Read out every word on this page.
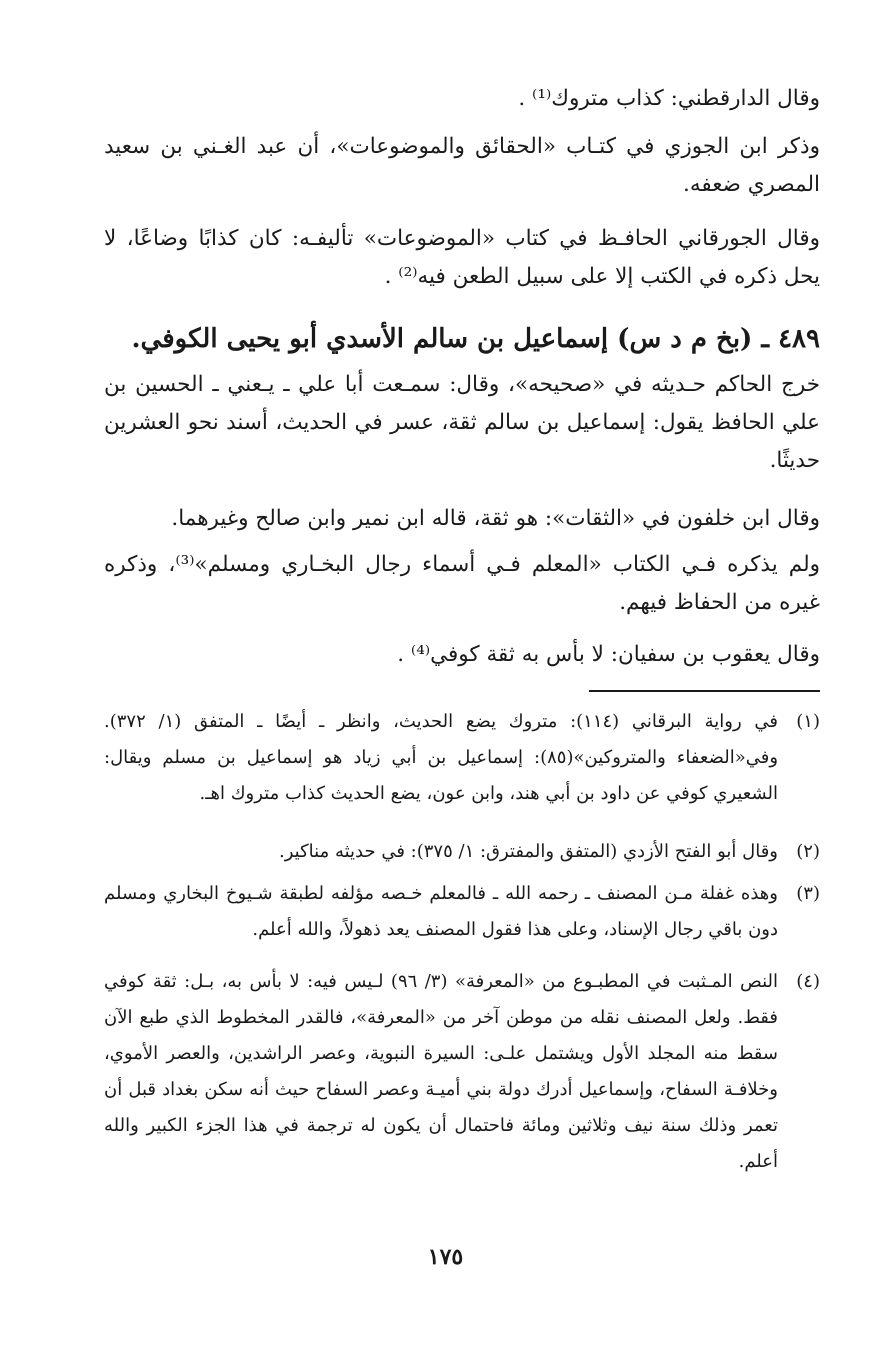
وقال الدارقطني: كذاب متروك⁽¹⁾ .

وذكر ابن الجوزي في كتـاب «الحقائق والموضوعات»، أن عبد الغـني بن سعيد المصري ضعفه.

وقال الجورقاني الحافـظ في كتاب «الموضوعات» تأليفـه: كان كذابًا وضاعًا، لا يحل ذكره في الكتب إلا على سبيل الطعن فيه⁽²⁾ .

٤٨٩ ـ (بخ م د س) إسماعيل بن سالم الأسدي أبو يحيى الكوفي.

خرج الحاكم حـديثه في «صحيحه»، وقال: سمـعت أبا علي ـ يـعني ـ الحسين بن علي الحافظ يقول: إسماعيل بن سالم ثقة، عسر في الحديث، أسند نحو العشرين حديثًا.

وقال ابن خلفون في «الثقات»: هو ثقة، قاله ابن نمير وابن صالح وغيرهما.

ولم يذكره فـي الكتاب «المعلم فـي أسماء رجال البخـاري ومسلم»⁽³⁾، وذكره غيره من الحفاظ فيهم.

وقال يعقوب بن سفيان: لا بأس به ثقة كوفي⁽⁴⁾ .

(١)
في رواية البرقاني (١١٤): متروك يضع الحديث، وانظر ـ أيضًا ـ المتفق (١/ ٣٧٢). وفي«الضعفاء والمتروكين»(٨٥): إسماعيل بن أبي زياد هو إسماعيل بن مسلم ويقال: الشعيري كوفي عن داود بن أبي هند، وابن عون، يضع الحديث كذاب متروك اهـ.
(٢)
وقال أبو الفتح الأزدي (المتفق والمفترق: ١/ ٣٧٥): في حديثه مناكير.
(٣)
وهذه غفلة مـن المصنف ـ رحمه الله ـ فالمعلم خـصه مؤلفه لطبقة شـيوخ البخاري ومسلم دون باقي رجال الإسناد، وعلى هذا فقول المصنف يعد ذهولاً، والله أعلم.
(٤)
النص المـثبت في المطبـوع من «المعرفة» (٣/ ٩٦) لـيس فيه: لا بأس به، بـل: ثقة كوفي فقط. ولعل المصنف نقله من موطن آخر من «المعرفة»، فالقدر المخطوط الذي طبع الآن سقط منه المجلد الأول ويشتمل علـى: السيرة النبوية، وعصر الراشدين، والعصر الأموي، وخلافـة السفاح، وإسماعيل أدرك دولة بني أميـة وعصر السفاح حيث أنه سكن بغداد قبل أن تعمر وذلك سنة نيف وثلاثين ومائة فاحتمال أن يكون له ترجمة في هذا الجزء الكبير والله أعلم.
١٧٥
